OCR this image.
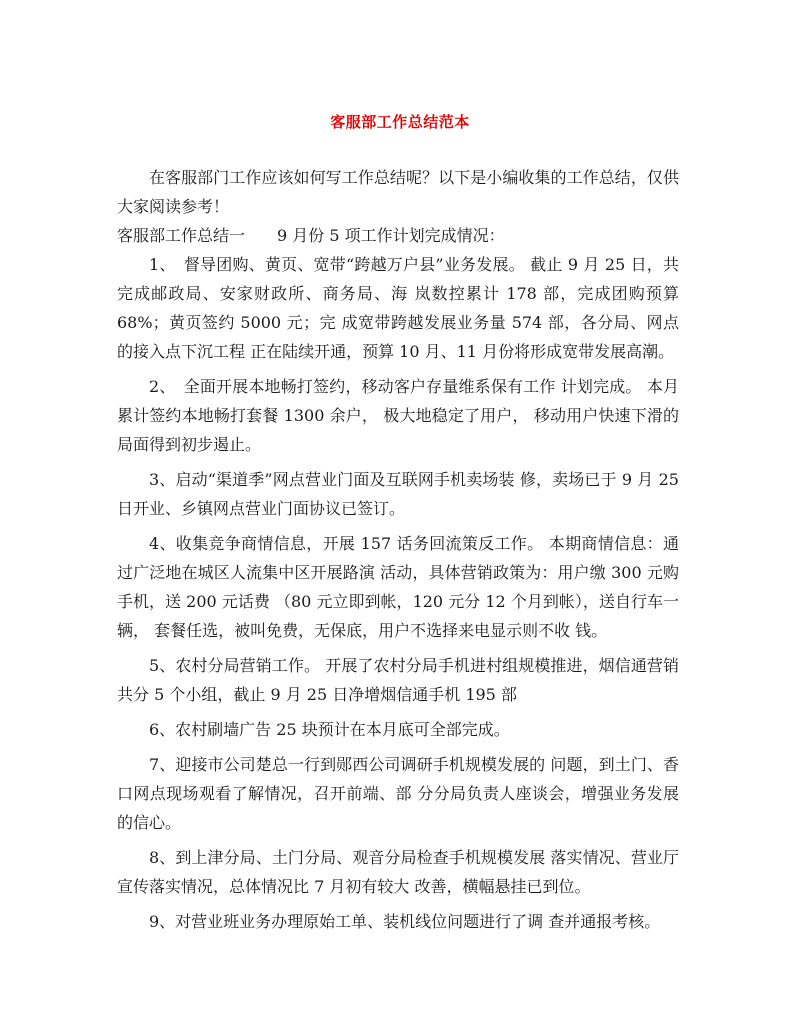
客服部工作总结范本

在客服部门工作应该如何写工作总结呢？以下是小编收集的工作总结，仅供大家阅读参考！

客服部工作总结一　　9 月份 5 项工作计划完成情况：

1、　督导团购、黄页、宽带“跨越万户县”业务发展。 截止 9 月 25 日，共完成邮政局、安家财政所、商务局、海 岚数控累计 178 部，完成团购预算 68%；黄页签约 5000 元；完 成宽带跨越发展业务量 574 部，各分局、网点的接入点下沉工程 正在陆续开通，预算 10 月、11 月份将形成宽带发展高潮。

2、　全面开展本地畅打签约，移动客户存量维系保有工作 计划完成。 本月累计签约本地畅打套餐 1300 余户， 极大地稳定了用户， 移动用户快速下滑的局面得到初步遏止。

3、启动“渠道季”网点营业门面及互联网手机卖场装 修，卖场已于 9 月 25 日开业、乡镇网点营业门面协议已签订。

4、收集竞争商情信息，开展 157 话务回流策反工作。 本期商情信息：通过广泛地在城区人流集中区开展路演 活动，具体营销政策为：用户缴 300 元购手机，送 200 元话费 （80 元立即到帐，120 元分 12 个月到帐），送自行车一辆， 套餐任选，被叫免费，无保底，用户不选择来电显示则不收 钱。

5、农村分局营销工作。 开展了农村分局手机进村组规模推进，烟信通营销共分 5 个小组，截止 9 月 25 日净增烟信通手机 195 部

6、农村刷墙广告 25 块预计在本月底可全部完成。

7、迎接市公司楚总一行到郧西公司调研手机规模发展的 问题，到土门、香口网点现场观看了解情况，召开前端、部 分分局负责人座谈会，增强业务发展的信心。

8、到上津分局、土门分局、观音分局检查手机规模发展 落实情况、营业厅宣传落实情况，总体情况比 7 月初有较大 改善，横幅悬挂已到位。

9、对营业班业务办理原始工单、装机线位问题进行了调 查并通报考核。
